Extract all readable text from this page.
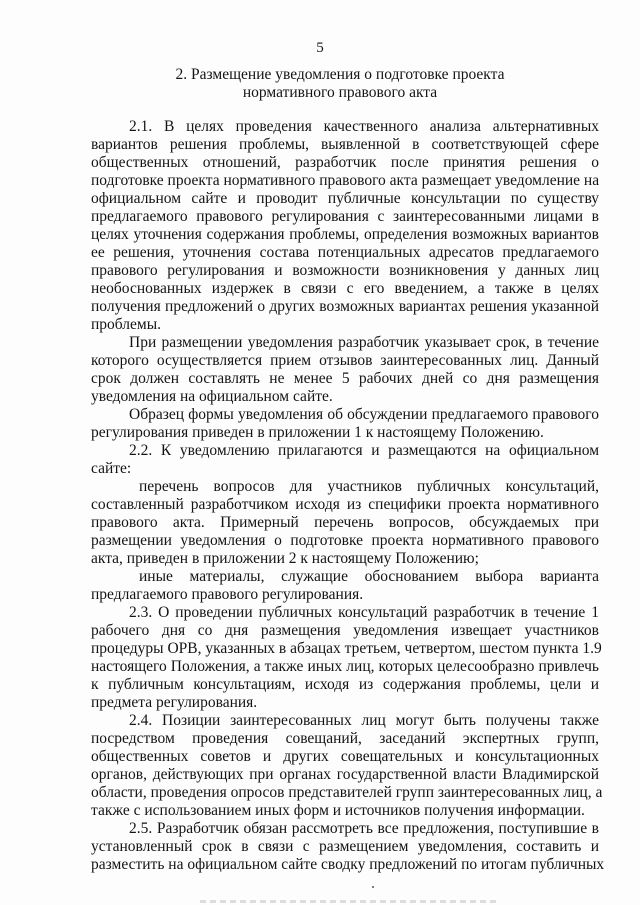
5
2. Размещение уведомления о подготовке проекта
нормативного правового акта
2.1. В целях проведения качественного анализа альтернативных
вариантов решения проблемы, выявленной в соответствующей сфере
общественных отношений, разработчик после принятия решения о
подготовке проекта нормативного правового акта размещает уведомление на
официальном сайте и проводит публичные консультации по существу
предлагаемого правового регулирования с заинтересованными лицами в
целях уточнения содержания проблемы, определения возможных вариантов
ее решения, уточнения состава потенциальных адресатов предлагаемого
правового регулирования и возможности возникновения у данных лиц
необоснованных издержек в связи с его введением, а также в целях
получения предложений о других возможных вариантах решения указанной
проблемы.
При размещении уведомления разработчик указывает срок, в течение
которого осуществляется прием отзывов заинтересованных лиц. Данный
срок должен составлять не менее 5 рабочих дней со дня размещения
уведомления на официальном сайте.
Образец формы уведомления об обсуждении предлагаемого правового
регулирования приведен в приложении 1 к настоящему Положению.
2.2. К уведомлению прилагаются и размещаются на официальном
сайте:
перечень вопросов для участников публичных консультаций,
составленный разработчиком исходя из специфики проекта нормативного
правового акта. Примерный перечень вопросов, обсуждаемых при
размещении уведомления о подготовке проекта нормативного правового
акта, приведен в приложении 2 к настоящему Положению;
иные материалы, служащие обоснованием выбора варианта
предлагаемого правового регулирования.
2.3. О проведении публичных консультаций разработчик в течение 1
рабочего дня со дня размещения уведомления извещает участников
процедуры ОРВ, указанных в абзацах третьем, четвертом, шестом пункта 1.9
настоящего Положения, а также иных лиц, которых целесообразно привлечь
к публичным консультациям, исходя из содержания проблемы, цели и
предмета регулирования.
2.4. Позиции заинтересованных лиц могут быть получены также
посредством проведения совещаний, заседаний экспертных групп,
общественных советов и других совещательных и консультационных
органов, действующих при органах государственной власти Владимирской
области, проведения опросов представителей групп заинтересованных лиц, а
также с использованием иных форм и источников получения информации.
2.5. Разработчик обязан рассмотреть все предложения, поступившие в
установленный срок в связи с размещением уведомления, составить и
разместить на официальном сайте сводку предложений по итогам публичных
